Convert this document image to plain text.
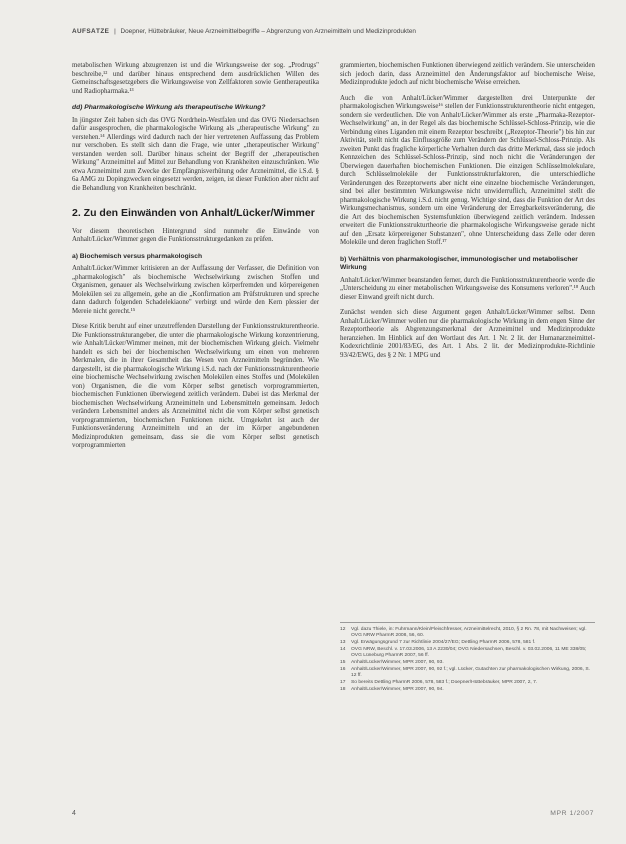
AUFSÄTZE | Doepner, Hüttebräuker, Neue Arzneimittelbegriffe – Abgrenzung von Arzneimitteln und Medizinprodukten

metabolischen Wirkung abzugrenzen ist und die Wirkungsweise der sog. „Prodrugs" beschreibe,¹² und darüber hinaus entsprechend dem ausdrücklichen Willen des Gemeinschaftsgesetzgebers die Wirkungsweise von Zellfaktoren sowie Gentherapeutika und Radiopharmaka.¹³

dd) Pharmakologische Wirkung als therapeutische Wirkung?

In jüngster Zeit haben sich das OVG Nordrhein-Westfalen und das OVG Niedersachsen dafür ausgesprochen, die pharmakologische Wirkung als „therapeutische Wirkung" zu verstehen.¹⁴ Allerdings wird dadurch nach der hier vertretenen Auffassung das Problem nur verschoben. Es stellt sich dann die Frage, wie unter „therapeutischer Wirkung" verstanden werden soll. Darüber hinaus scheint der Begriff der „therapeutischen Wirkung" Arzneimittel auf Mittel zur Behandlung von Krankheiten einzuschränken. Wie etwa Arzneimittel zum Zwecke der Empfängnisverhütung oder Arzneimittel, die i.S.d. § 6a AMG zu Dopingzwecken eingesetzt werden, zeigen, ist dieser Funktion aber nicht auf die Behandlung von Krankheiten beschränkt.

2. Zu den Einwänden von Anhalt/Lücker/Wimmer

Vor diesem theoretischen Hintergrund sind nunmehr die Einwände von Anhalt/Lücker/Wimmer gegen die Funktionsstrukturgedanken zu prüfen.

a) Biochemisch versus pharmakologisch

Anhalt/Lücker/Wimmer kritisieren an der Auffassung der Verfasser, die Definition von „pharmakologisch" als biochemische Wechselwirkung zwischen Stoffen und Organismen, genauer als Wechselwirkung zwischen körperfremden und körpereigenen Molekülen sei zu allgemein, gehe an die „Konfirmation am Prüfstrukturen und spreche dann dadurch folgenden Schadelekiaone" verbirgt und würde den Kern plessier der Mereie nicht gerecht.¹⁵

Diese Kritik beruht auf einer unzutreffenden Darstellung der Funktionsstrukturentheorie. Die Funktionsstrukturangeber, die unter die pharmakologische Wirkung konzentrierung, wie Anhalt/Lücker/Wimmer meinen, mit der biochemischen Wirkung gleich. Vielmehr handelt es sich bei der biochemischen Wechselwirkung um einen von mehreren Merkmalen, die in ihrer Gesamtheit das Wesen von Arzneimitteln begründen. Wie dargestellt, ist die pharmakologische Wirkung i.S.d. nach der Funktionsstrukturentheorie eine biochemische Wechselwirkung zwischen Molekülen eines Stoffes und (Molekülen von) Organismen, die die vom Körper selbst genetisch vorprogrammierten, biochemischen Funktionen überwiegend zeitlich verändern. Dabei ist das Merkmal der biochemischen Wechselwirkung Arzneimitteln und Lebensmitteln gemeinsam. Jedoch verändern Lebensmittel anders als Arzneimittel nicht die vom Körper selbst genetisch vorprogrammierten, biochemischen Funktionen nicht. Umgekehrt ist auch der Funktionsveränderung Arzneimitteln und an der im Körper angebundenen Medizinprodukten gemeinsam, dass sie die vom Körper selbst genetisch vorprogrammierten

grammierten, biochemischen Funktionen überwiegend zeitlich verändern. Sie unterscheiden sich jedoch darin, dass Arzneimittel den Änderungsfaktor auf biochemische Weise, Medizinprodukte jedoch auf nicht biochemische Weise erreichen.

Auch die von Anhalt/Lücker/Wimmer dargestellten drei Unterpunkte der pharmakologischen Wirkungsweise¹⁶ stellen der Funktionsstrukturentheorie nicht entgegen, sondern sie verdeutlichen. Die von Anhalt/Lücker/Wimmer als erste „Pharmaka-Rezeptor-Wechselwirkung" an, in der Regel als das biochemische Schlüssel-Schloss-Prinzip, wie die Verbindung eines Liganden mit einem Rezeptor beschreibt („Rezeptor-Theorie") bis hin zur Aktivität, stellt nicht das Einflussgröße zum Verändern der Schlüssel-Schloss-Prinzip. Als zweiten Punkt das fragliche körperliche Verhalten durch das dritte Merkmal, dass sie jedoch Kennzeichen des Schlüssel-Schloss-Prinzip, sind noch nicht die Veränderungen der Überwiegen dauerhaften biochemischen Funktionen. Die einzigen Schlüsselmolekulare, durch Schlüsselmoleküle der Funktionsstrukturfaktoren, die unterschiedliche Veränderungen des Rezeptorwerts aber nicht eine einzelne biochemische Veränderungen, sind bei aller bestimmten Wirkungsweise nicht unwiderruflich, Arzneimittel stellt die pharmakologische Wirkung i.S.d. nicht genug. Wichtige sind, dass die Funktion der Art des Wirkungsmechanismus, sondern um eine Veränderung der Erregbarkeitsveränderung, die die Art des biochemischen Systemsfunktion überwiegend zeitlich verändern. Indessen erweitert die Funktionsstrukturtheorie die pharmakologische Wirkungsweise gerade nicht auf den „Ersatz körpereigener Substanzen", ohne Unterscheidung dass Zelle oder deren Moleküle und deren fraglichen Stoff.¹⁷

b) Verhältnis von pharmakologischer, immunologischer und metabolischer Wirkung

Anhalt/Lücker/Wimmer beanstanden ferner, durch die Funktionsstrukturentheorie werde die „Unterscheidung zu einer metabolischen Wirkungsweise des Konsumens verloren".¹⁸ Auch dieser Einwand greift nicht durch.

Zunächst wenden sich diese Argument gegen Anhalt/Lücker/Wimmer selbst. Denn Anhalt/Lücker/Wimmer wollen nur die pharmakologische Wirkung in dem engen Sinne der Rezeptortheorie als Abgrenzungsmerkmal der Arzneimittel und Medizinprodukte heranziehen. Im Hinblick auf den Wortlaut des Art. 1 Nr. 2 lit. der Humanarzneimittel-Kodexrichtlinie 2001/83/EG, des Art. 1 Abs. 2 lit. der Medizinprodukte-Richtlinie 93/42/EWG, des § 2 Nr. 1 MPG und

12	Vgl. dazu Thiele, in: Fuhrmann/Klein/Fleischfresser, Arzneimittelrecht, 2010, § 2 Rn. 78, mit Nachweisen; vgl. OVG NRW PharmR 2008, 56, 60.
13	Vgl. Erwägungsgrund 7 zur Richtlinie 2004/27/EG; Dettling PharmR 2006, 578, 581 f.
14	OVG NRW, Beschl. v. 17.03.2006, 13 A 2230/04; OVG Niedersachsen, Beschl. v. 03.02.2006, 11 ME 338/05; OVG Lüneburg PharmR 2007, 56 ff.
15	Anhalt/Lücker/Wimmer, MPR 2007, 90, 93.
16	Anhalt/Lücker/Wimmer, MPR 2007, 90, 92 f.; vgl. Lücker, Gutachten zur pharmakologischen Wirkung, 2006, S. 12 ff.
17	So bereits Dettling PharmR 2006, 578, 583 f.; Doepner/Hüttebräuker, MPR 2007, 2, 7.
18	Anhalt/Lücker/Wimmer, MPR 2007, 90, 94.
4	MPR 1/2007
